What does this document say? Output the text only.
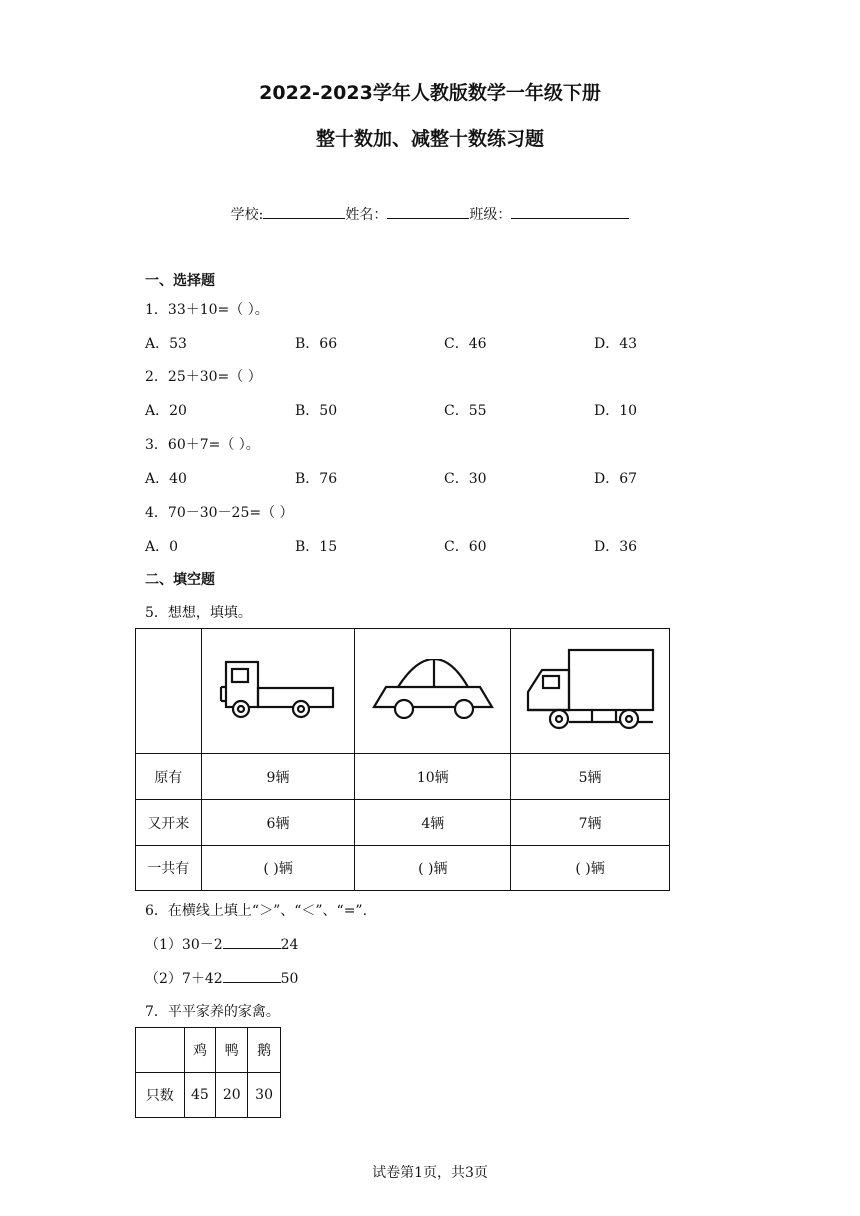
2022-2023学年人教版数学一年级下册
整十数加、减整十数练习题
学校:	姓名：	班级：
一、选择题
1．33＋10=（ ）。
A．53	B．66	C．46	D．43
2．25＋30=（ ）
A．20	B．50	C．55	D．10
3．60＋7=（ ）。
A．40	B．76	C．30	D．67
4．70－30－25=（ ）
A．0	B．15	C．60	D．36
二、填空题
5．想想，填填。

原有	9辆	10辆	5辆
又开来	6辆	4辆	7辆
一共有	( )辆	( )辆	( )辆
6．在横线上填上“＞”、“＜”、“=”.
（1）30－2	24
（2）7＋42	50
7．平平家养的家禽。
	鸡	鸭	鹅
只数	45	20	30
试卷第1页，共3页
